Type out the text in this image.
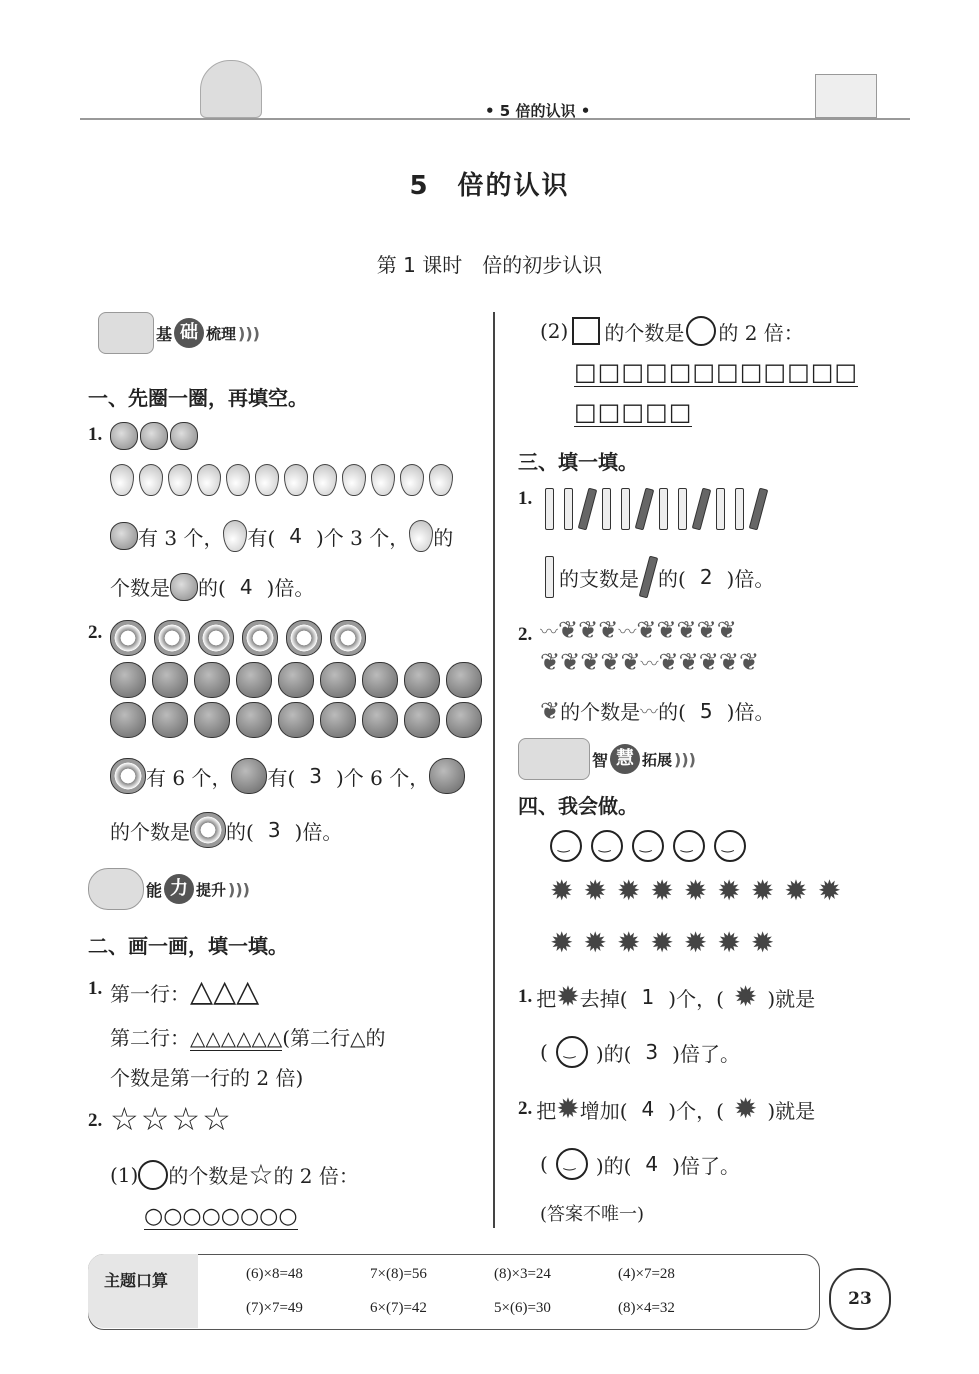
• 5 倍的认识 •
5　倍的认识
第 1 课时　倍的初步认识
基 础 梳理 )))
一、先圈一圈，再填空。
1.
有 3 个， 有( 4 )个 3 个， 的
个数是 的( 4 )倍。
2.
有 6 个， 有( 3 )个 6 个，
的个数是 的( 3 )倍。
能 力 提升 )))
二、画一画，填一填。
1. 第一行：△△△
第二行：△△△△△△(第二行△的
个数是第一行的 2 倍)
2. ☆☆☆☆
(1) 的个数是 ☆ 的 2 倍：
○○○○○○○○
(2) 的个数是 的 2 倍：
□□□□□□□□□□□□
□□□□□
三、填一填。
1.
的支数是 的( 2 )倍。
2. 〰❦❦❦〰❦❦❦❦❦
❦❦❦❦❦〰❦❦❦❦❦
❦ 的个数是 〰 的( 5 )倍。
智 慧 拓展 )))
四、我会做。
‿
‿
‿
‿
‿
✹ ✹ ✹ ✹ ✹ ✹ ✹ ✹ ✹
✹ ✹ ✹ ✹ ✹ ✹ ✹
1. 把 ✹ 去掉( 1 )个，( ✹ )就是
( ‿ )的( 3 )倍了。
2. 把 ✹ 增加( 4 )个，( ✹ )就是
( ‿ )的( 4 )倍了。
(答案不唯一)
主题口算	(6)×8=48	7×(8)=56	(8)×3=24	(4)×7=28
(7)×7=49	6×(7)=42	5×(6)=30	(8)×4=32	23
